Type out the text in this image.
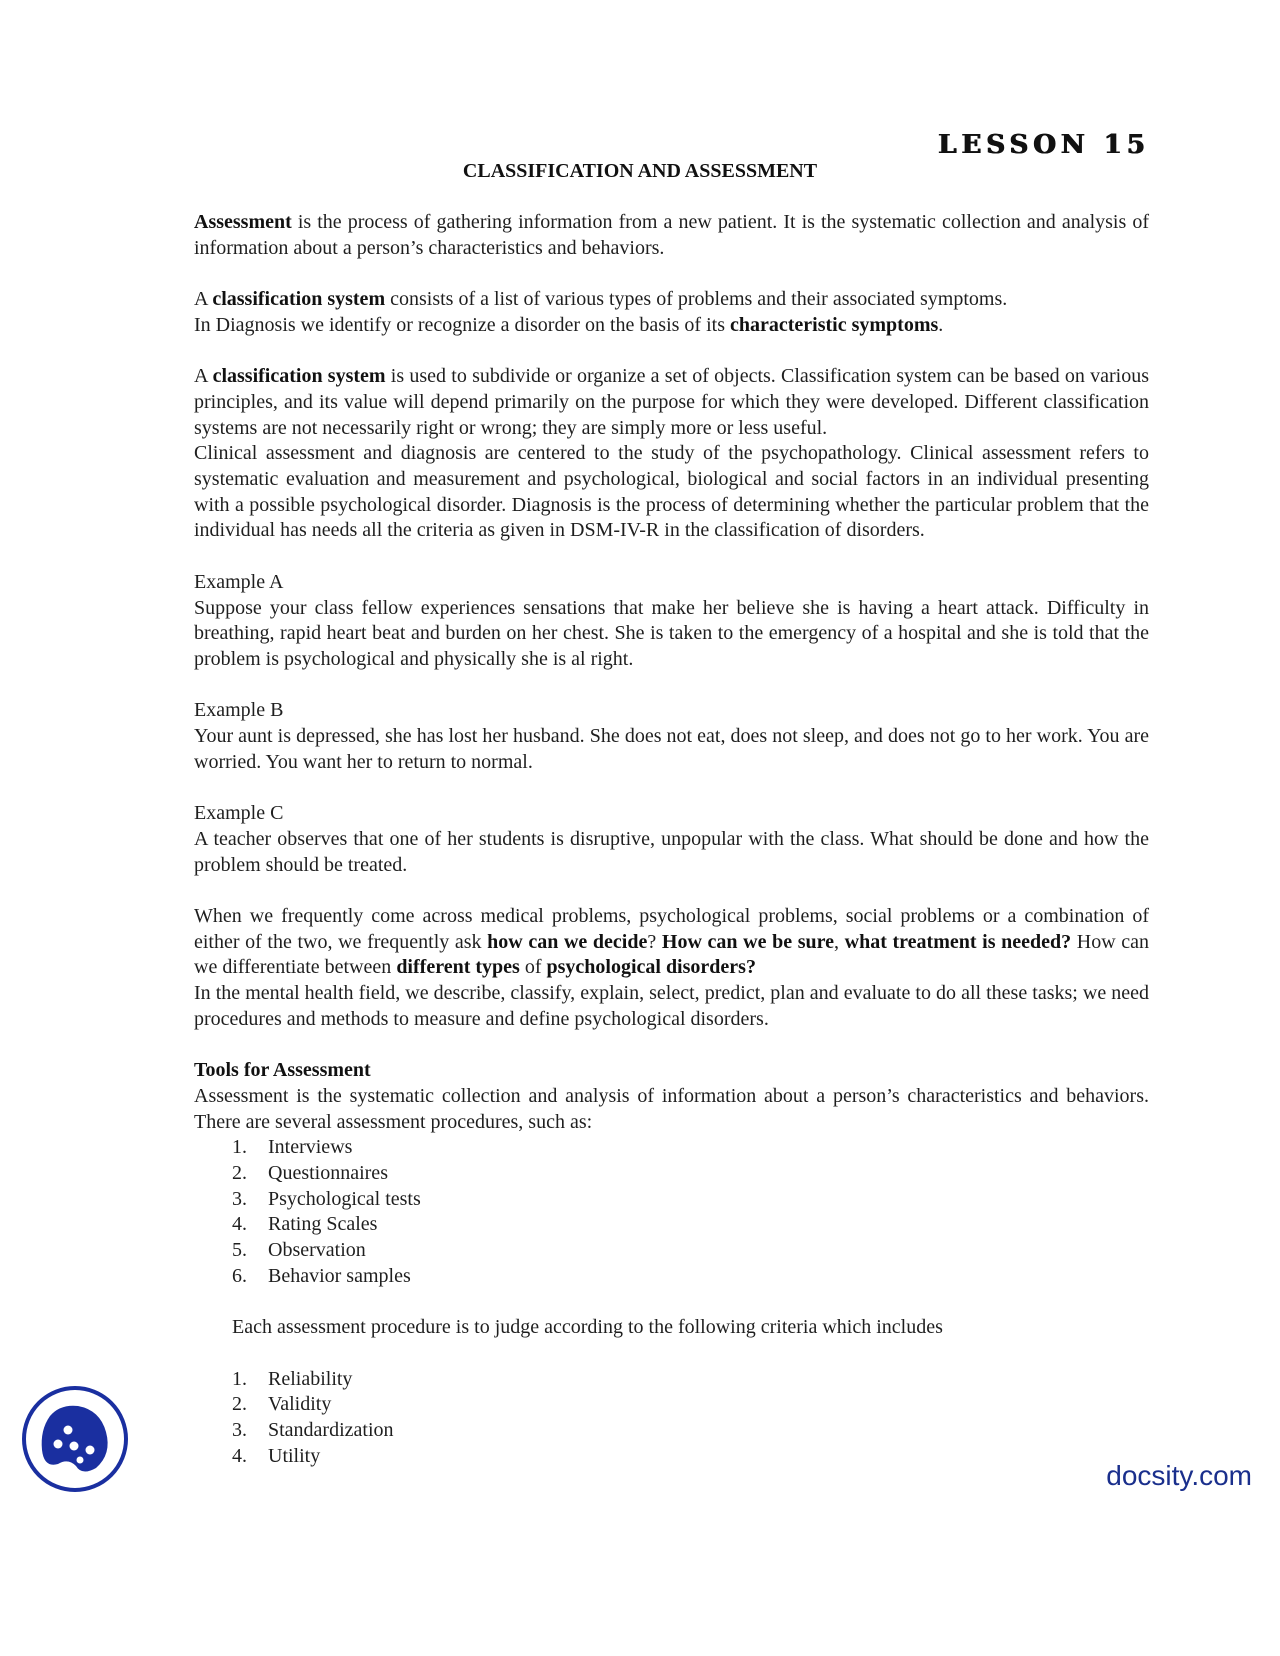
LESSON 15
CLASSIFICATION AND ASSESSMENT

Assessment is the process of gathering information from a new patient. It is the systematic collection and analysis of information about a person’s characteristics and behaviors.

A classification system consists of a list of various types of problems and their associated symptoms.

In Diagnosis we identify or recognize a disorder on the basis of its characteristic symptoms.

A classification system is used to subdivide or organize a set of objects. Classification system can be based on various principles, and its value will depend primarily on the purpose for which they were developed. Different classification systems are not necessarily right or wrong; they are simply more or less useful.

Clinical assessment and diagnosis are centered to the study of the psychopathology. Clinical assessment refers to systematic evaluation and measurement and psychological, biological and social factors in an individual presenting with a possible psychological disorder. Diagnosis is the process of determining whether the particular problem that the individual has needs all the criteria as given in DSM-IV-R in the classification of disorders.

Example A

Suppose your class fellow experiences sensations that make her believe she is having a heart attack. Difficulty in breathing, rapid heart beat and burden on her chest. She is taken to the emergency of a hospital and she is told that the problem is psychological and physically she is al right.

Example B

Your aunt is depressed, she has lost her husband. She does not eat, does not sleep, and does not go to her work. You are worried. You want her to return to normal.

Example C

A teacher observes that one of her students is disruptive, unpopular with the class. What should be done and how the problem should be treated.

When we frequently come across medical problems, psychological problems, social problems or a combination of either of the two, we frequently ask how can we decide? How can we be sure, what treatment is needed? How can we differentiate between different types of psychological disorders?

In the mental health field, we describe, classify, explain, select, predict, plan and evaluate to do all these tasks; we need procedures and methods to measure and define psychological disorders.

Tools for Assessment

Assessment is the systematic collection and analysis of information about a person’s characteristics and behaviors. There are several assessment procedures, such as:

1. Interviews
2. Questionnaires
3. Psychological tests
4. Rating Scales
5. Observation
6. Behavior samples

Each assessment procedure is to judge according to the following criteria which includes

1. Reliability
2. Validity
3. Standardization
4. Utility
docsity.com
